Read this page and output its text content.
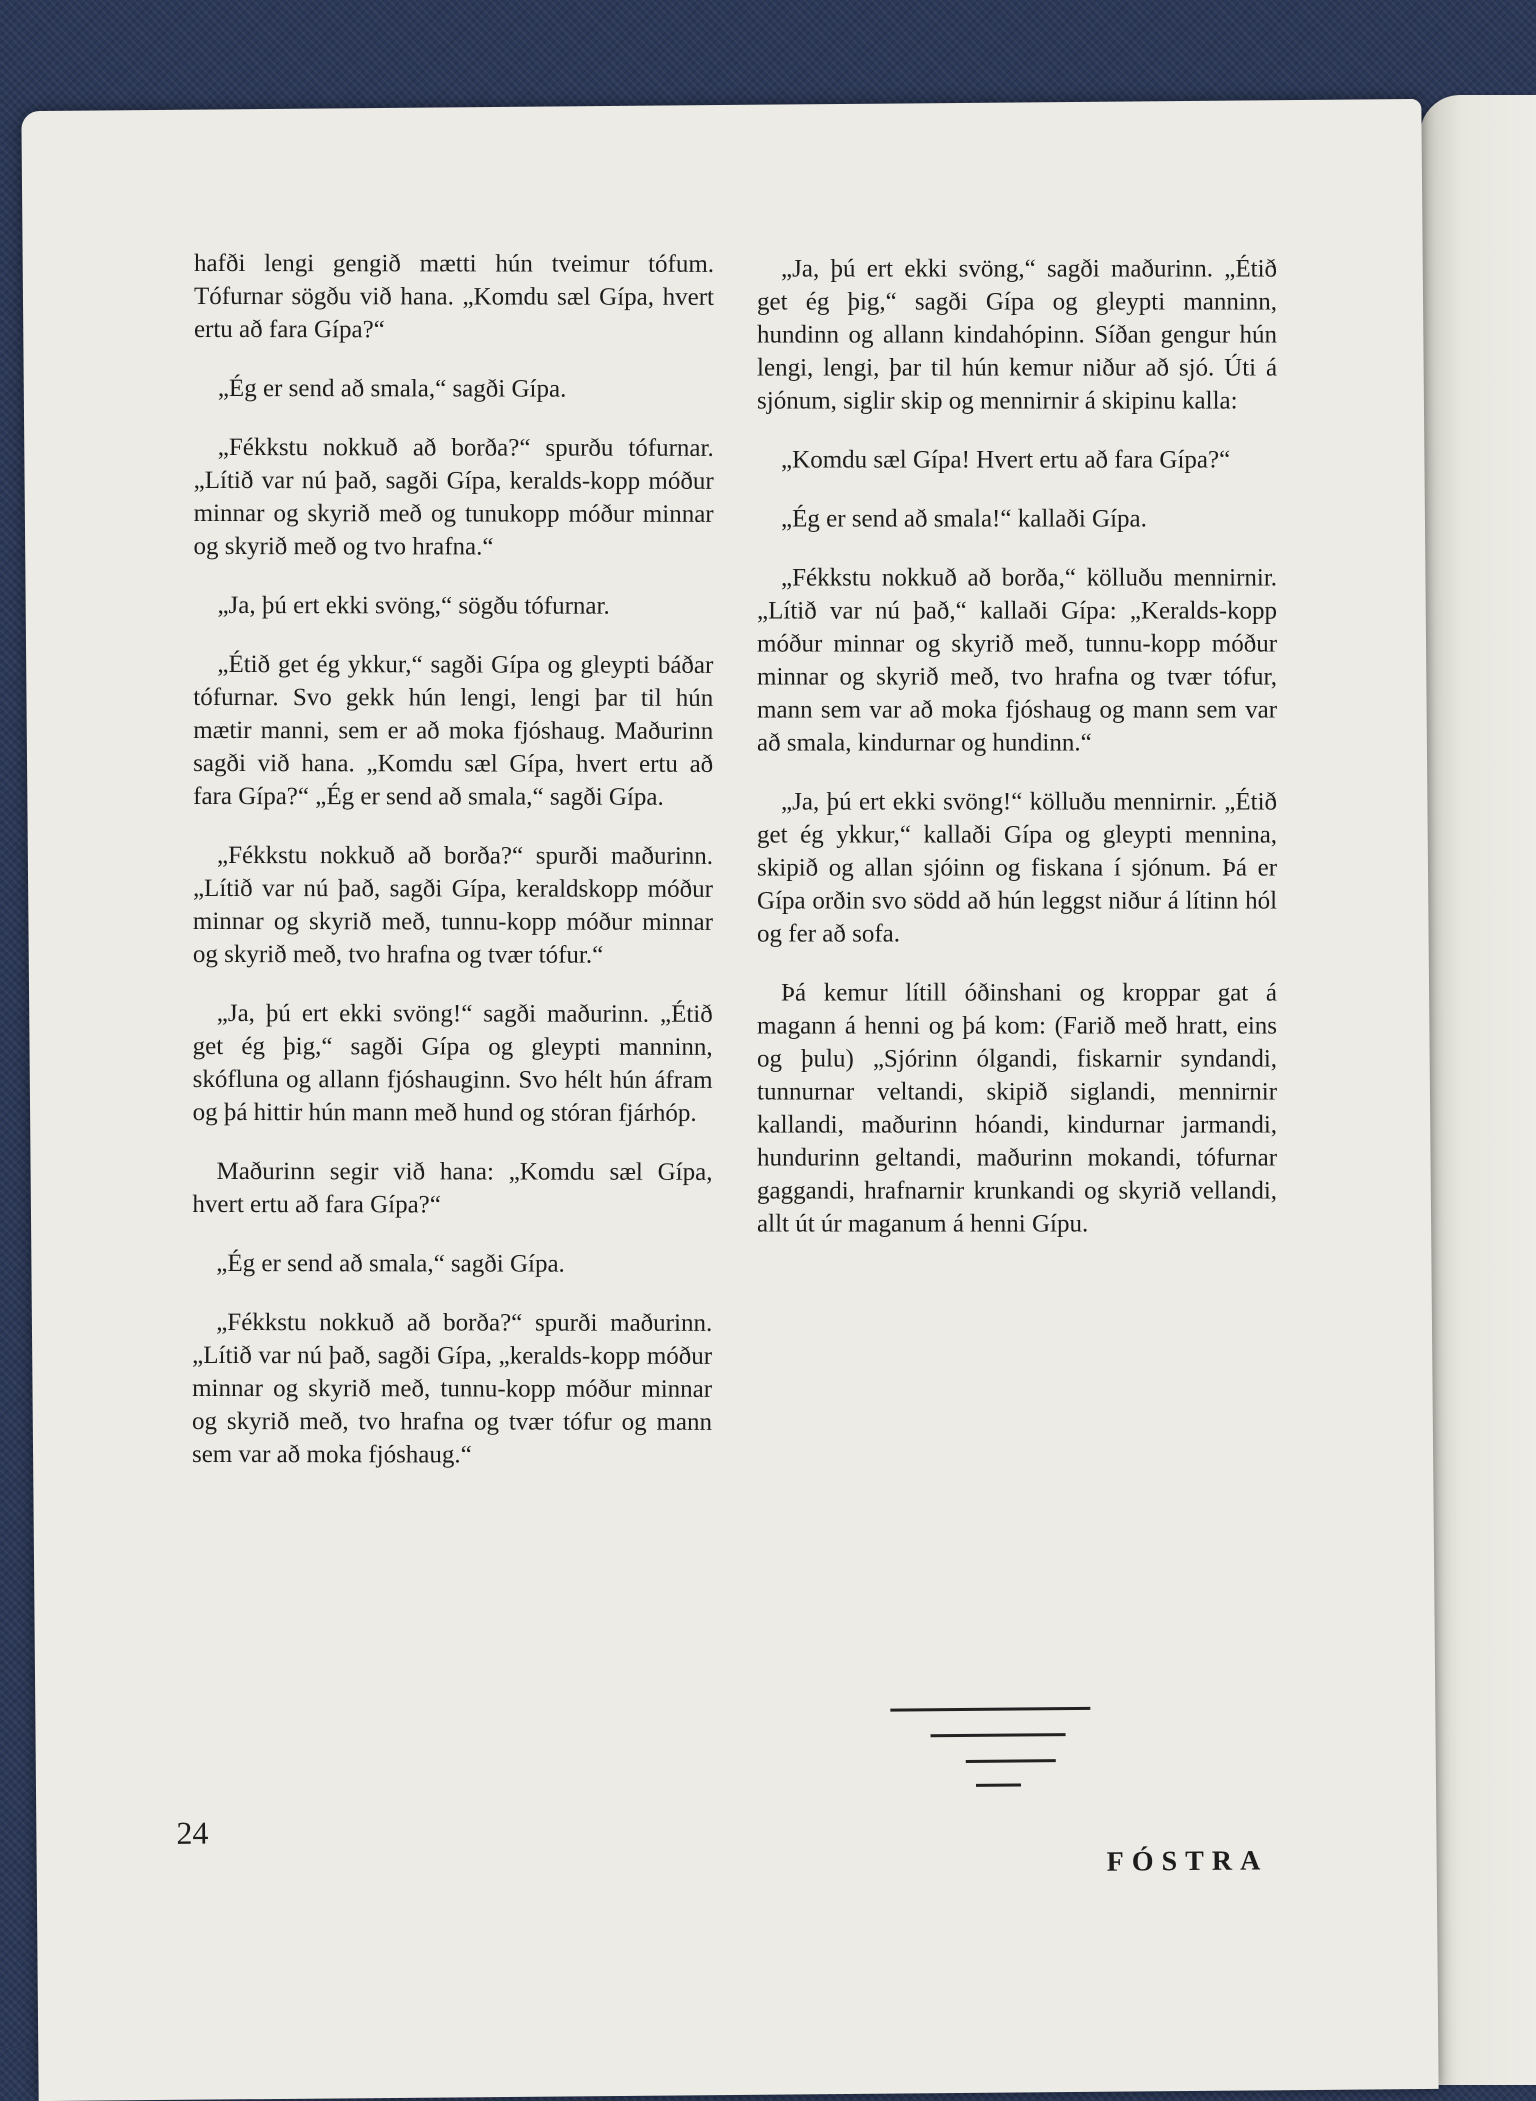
hafði lengi gengið mætti hún tveimur tófum. Tófurnar sögðu við hana. „Komdu sæl Gípa, hvert ertu að fara Gípa?“

„Ég er send að smala,“ sagði Gípa.

„Fékkstu nokkuð að borða?“ spurðu tófurnar. „Lítið var nú það, sagði Gípa, keralds-kopp móður minnar og skyrið með og tunukopp móður minnar og skyrið með og tvo hrafna.“

„Ja, þú ert ekki svöng,“ sögðu tófurnar.

„Étið get ég ykkur,“ sagði Gípa og gleypti báðar tófurnar. Svo gekk hún lengi, lengi þar til hún mætir manni, sem er að moka fjóshaug. Maðurinn sagði við hana. „Komdu sæl Gípa, hvert ertu að fara Gípa?“ „Ég er send að smala,“ sagði Gípa.

„Fékkstu nokkuð að borða?“ spurði maðurinn. „Lítið var nú það, sagði Gípa, keraldskopp móður minnar og skyrið með, tunnu-kopp móður minnar og skyrið með, tvo hrafna og tvær tófur.“

„Ja, þú ert ekki svöng!“ sagði maðurinn. „Étið get ég þig,“ sagði Gípa og gleypti manninn, skófluna og allann fjóshauginn. Svo hélt hún áfram og þá hittir hún mann með hund og stóran fjárhóp.

Maðurinn segir við hana: „Komdu sæl Gípa, hvert ertu að fara Gípa?“

„Ég er send að smala,“ sagði Gípa.

„Fékkstu nokkuð að borða?“ spurði maðurinn. „Lítið var nú það, sagði Gípa, „keralds-kopp móður minnar og skyrið með, tunnu-kopp móður minnar og skyrið með, tvo hrafna og tvær tófur og mann sem var að moka fjóshaug.“

„Ja, þú ert ekki svöng,“ sagði maðurinn. „Étið get ég þig,“ sagði Gípa og gleypti manninn, hundinn og allann kindahópinn. Síðan gengur hún lengi, lengi, þar til hún kemur niður að sjó. Úti á sjónum, siglir skip og mennirnir á skipinu kalla:

„Komdu sæl Gípa! Hvert ertu að fara Gípa?“

„Ég er send að smala!“ kallaði Gípa.

„Fékkstu nokkuð að borða,“ kölluðu mennirnir. „Lítið var nú það,“ kallaði Gípa: „Keralds-kopp móður minnar og skyrið með, tunnu-kopp móður minnar og skyrið með, tvo hrafna og tvær tófur, mann sem var að moka fjóshaug og mann sem var að smala, kindurnar og hundinn.“

„Ja, þú ert ekki svöng!“ kölluðu mennirnir. „Étið get ég ykkur,“ kallaði Gípa og gleypti mennina, skipið og allan sjóinn og fiskana í sjónum. Þá er Gípa orðin svo södd að hún leggst niður á lítinn hól og fer að sofa.

Þá kemur lítill óðinshani og kroppar gat á magann á henni og þá kom: (Farið með hratt, eins og þulu) „Sjórinn ólgandi, fiskarnir syndandi, tunnurnar veltandi, skipið siglandi, mennirnir kallandi, maðurinn hóandi, kindurnar jarmandi, hundurinn geltandi, maðurinn mokandi, tófurnar gaggandi, hrafnarnir krunkandi og skyrið vellandi, allt út úr maganum á henni Gípu.

24
FÓSTRA
